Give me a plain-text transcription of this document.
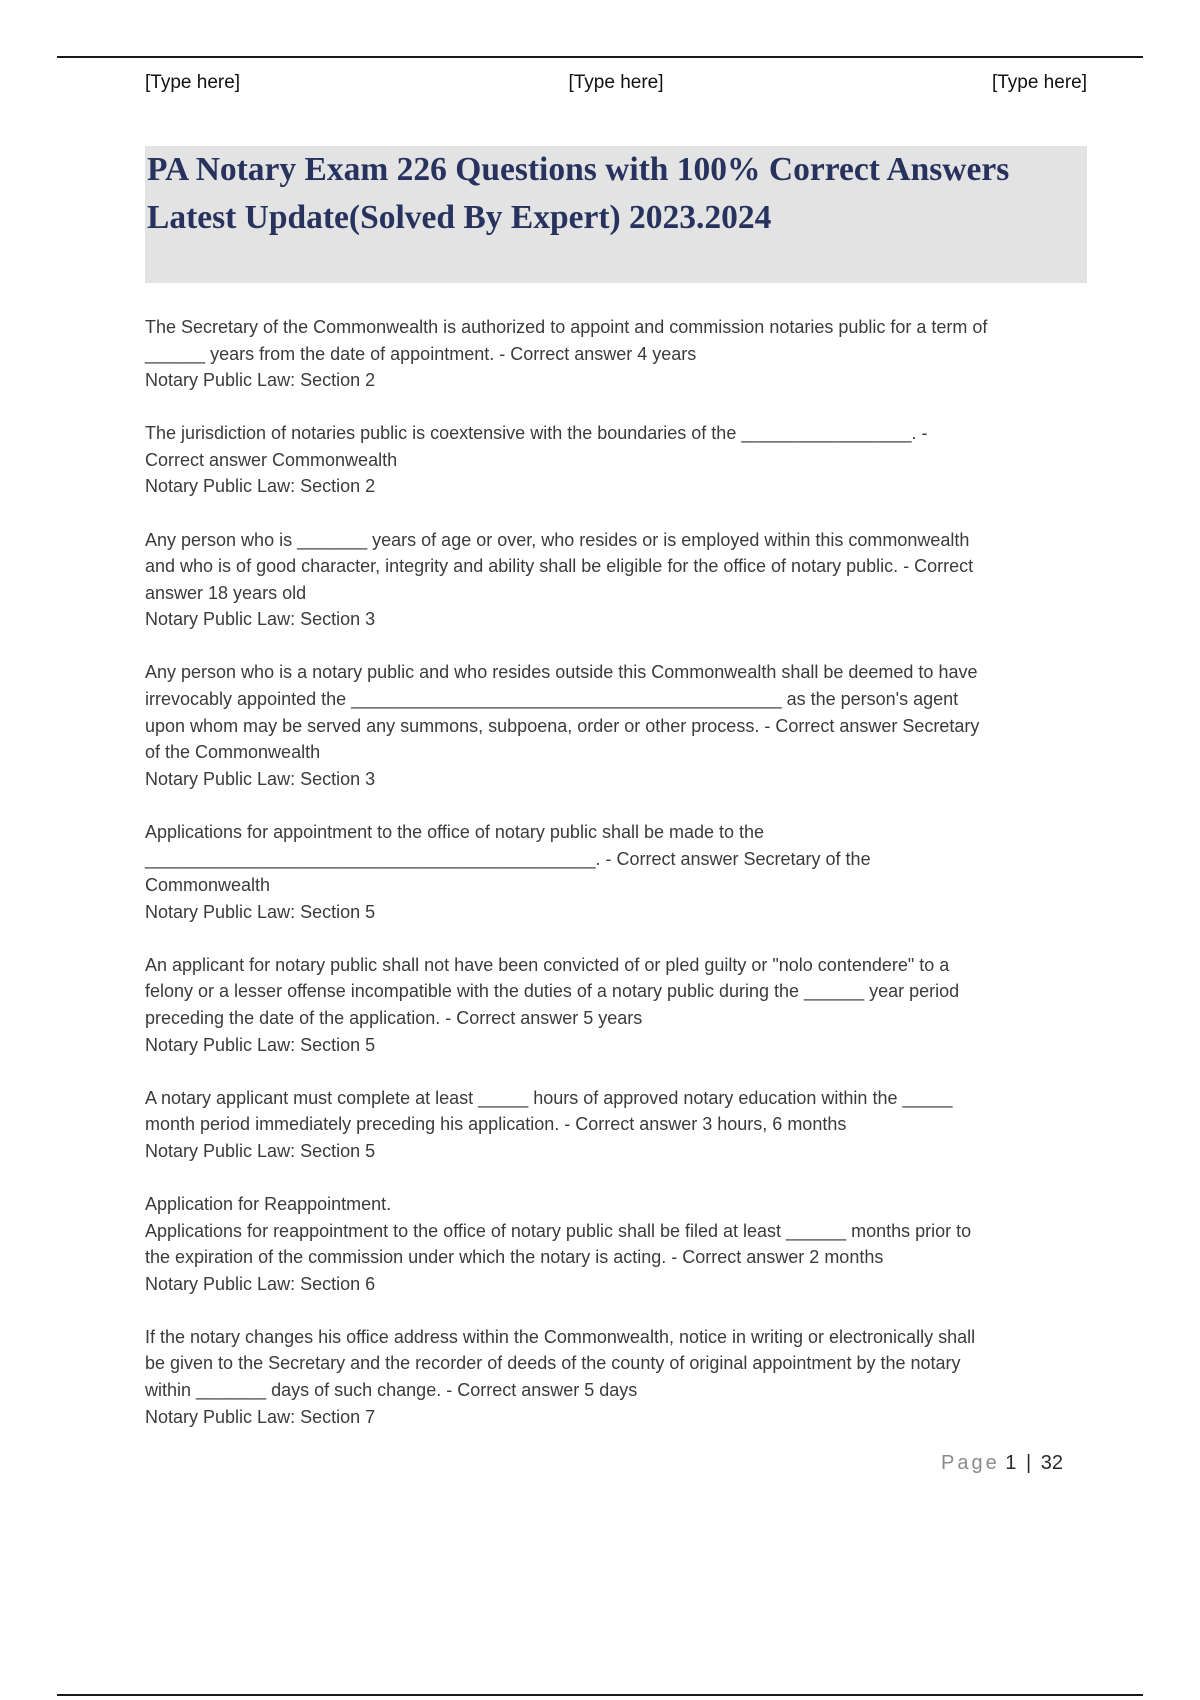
[Type here]	[Type here]	[Type here]
PA Notary Exam 226 Questions with 100% Correct Answers
Latest Update(Solved By Expert) 2023.2024
The Secretary of the Commonwealth is authorized to appoint and commission notaries public for a term of
______ years from the date of appointment. - Correct answer 4 years
Notary Public Law: Section 2
The jurisdiction of notaries public is coextensive with the boundaries of the _________________. -
Correct answer Commonwealth
Notary Public Law: Section 2
Any person who is _______ years of age or over, who resides or is employed within this commonwealth
and who is of good character, integrity and ability shall be eligible for the office of notary public. - Correct
answer 18 years old
Notary Public Law: Section 3
Any person who is a notary public and who resides outside this Commonwealth shall be deemed to have
irrevocably appointed the ___________________________________________ as the person's agent
upon whom may be served any summons, subpoena, order or other process. - Correct answer Secretary
of the Commonwealth
Notary Public Law: Section 3
Applications for appointment to the office of notary public shall be made to the
_____________________________________________. - Correct answer Secretary of the
Commonwealth
Notary Public Law: Section 5
An applicant for notary public shall not have been convicted of or pled guilty or "nolo contendere" to a
felony or a lesser offense incompatible with the duties of a notary public during the ______ year period
preceding the date of the application. - Correct answer 5 years
Notary Public Law: Section 5
A notary applicant must complete at least _____ hours of approved notary education within the _____
month period immediately preceding his application. - Correct answer 3 hours, 6 months
Notary Public Law: Section 5
Application for Reappointment.
Applications for reappointment to the office of notary public shall be filed at least ______ months prior to
the expiration of the commission under which the notary is acting. - Correct answer 2 months
Notary Public Law: Section 6
If the notary changes his office address within the Commonwealth, notice in writing or electronically shall
be given to the Secretary and the recorder of deeds of the county of original appointment by the notary
within _______ days of such change. - Correct answer 5 days
Notary Public Law: Section 7
Page 1 | 32
